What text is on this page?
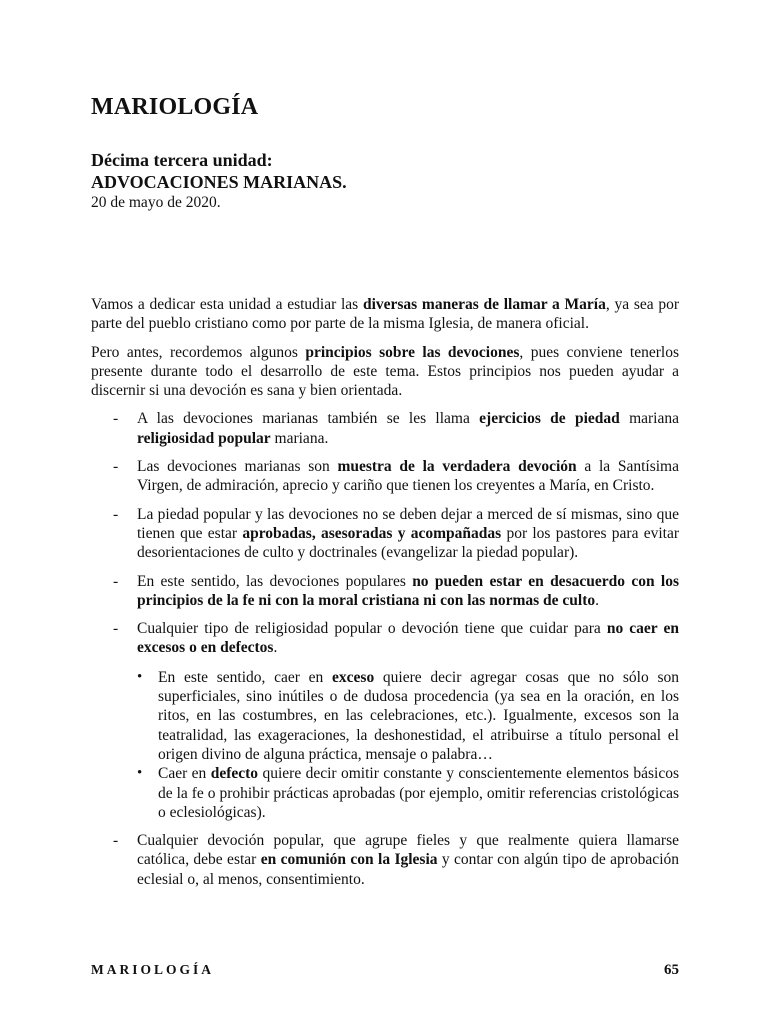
MARIOLOGÍA

Décima tercera unidad:

ADVOCACIONES MARIANAS.

20 de mayo de 2020.

Vamos a dedicar esta unidad a estudiar las diversas maneras de llamar a María, ya sea por parte del pueblo cristiano como por parte de la misma Iglesia, de manera oficial.

Pero antes, recordemos algunos principios sobre las devociones, pues conviene tenerlos presente durante todo el desarrollo de este tema. Estos principios nos pueden ayudar a discernir si una devoción es sana y bien orientada.

- A las devociones marianas también se les llama ejercicios de piedad mariana religiosidad popular mariana.
- Las devociones marianas son muestra de la verdadera devoción a la Santísima Virgen, de admiración, aprecio y cariño que tienen los creyentes a María, en Cristo.
- La piedad popular y las devociones no se deben dejar a merced de sí mismas, sino que tienen que estar aprobadas, asesoradas y acompañadas por los pastores para evitar desorientaciones de culto y doctrinales (evangelizar la piedad popular).
- En este sentido, las devociones populares no pueden estar en desacuerdo con los principios de la fe ni con la moral cristiana ni con las normas de culto.
- Cualquier tipo de religiosidad popular o devoción tiene que cuidar para no caer en excesos o en defectos.
• En este sentido, caer en exceso quiere decir agregar cosas que no sólo son superficiales, sino inútiles o de dudosa procedencia (ya sea en la oración, en los ritos, en las costumbres, en las celebraciones, etc.). Igualmente, excesos son la teatralidad, las exageraciones, la deshonestidad, el atribuirse a título personal el origen divino de alguna práctica, mensaje o palabra…
• Caer en defecto quiere decir omitir constante y conscientemente elementos básicos de la fe o prohibir prácticas aprobadas (por ejemplo, omitir referencias cristológicas o eclesiológicas).
- Cualquier devoción popular, que agrupe fieles y que realmente quiera llamarse católica, debe estar en comunión con la Iglesia y contar con algún tipo de aprobación eclesial o, al menos, consentimiento.
MARIOLOGÍA	65
